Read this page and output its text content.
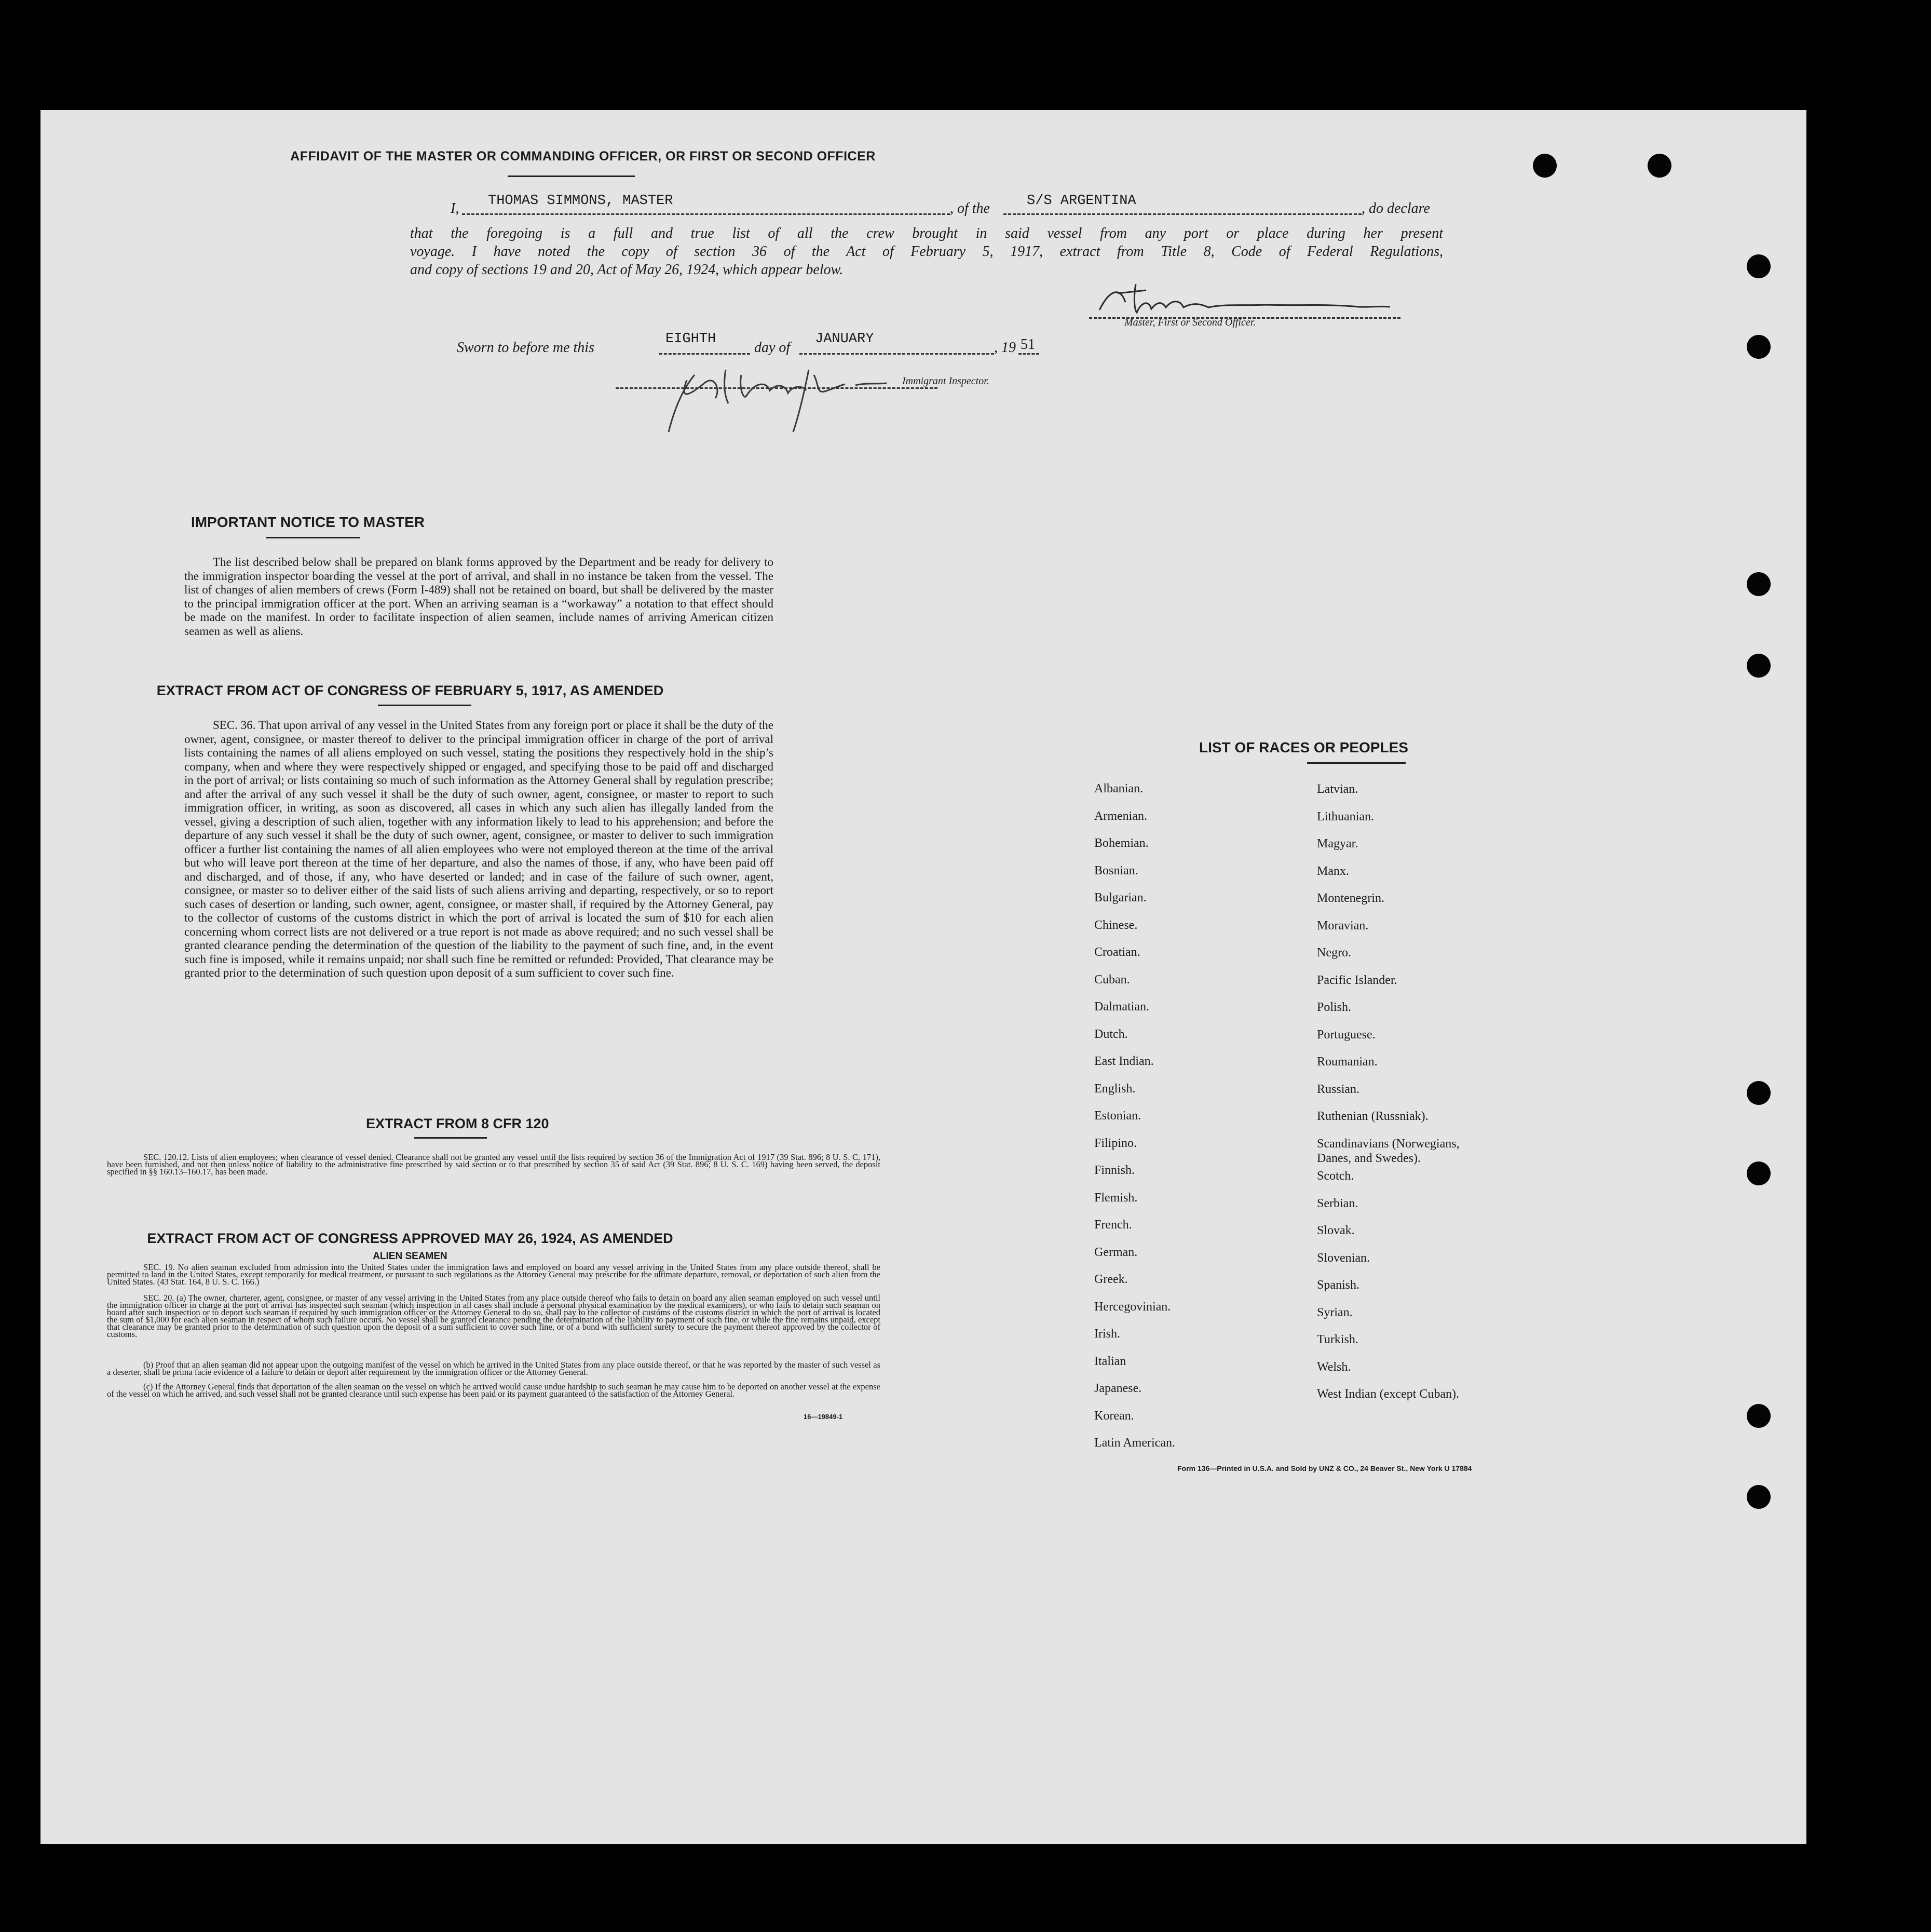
AFFIDAVIT OF THE MASTER OR COMMANDING OFFICER, OR FIRST OR SECOND OFFICER
I, THOMAS SIMMONS, MASTER	, of the	S/S ARGENTINA	, do declare
that the foregoing is a full and true list of all the crew brought in said vessel from any port or place during her present
voyage. I have noted the copy of section 36 of the Act of February 5, 1917, extract from Title 8, Code of Federal Regulations,
and copy of sections 19 and 20, Act of May 26, 1924, which appear below.
Master, First or Second Officer.
Sworn to before me this
EIGHTH
day of
JANUARY
, 19 51
Immigrant Inspector.
IMPORTANT NOTICE TO MASTER
The list described below shall be prepared on blank forms approved by the Department and be ready for delivery to the immigration inspector boarding the vessel at the port of arrival, and shall in no instance be taken from the vessel. The list of changes of alien members of crews (Form I-489) shall not be retained on board, but shall be delivered by the master to the principal immigration officer at the port. When an arriving seaman is a “workaway” a notation to that effect should be made on the manifest. In order to facilitate inspection of alien seamen, include names of arriving American citizen seamen as well as aliens.
EXTRACT FROM ACT OF CONGRESS OF FEBRUARY 5, 1917, AS AMENDED
SEC. 36. That upon arrival of any vessel in the United States from any foreign port or place it shall be the duty of the owner, agent, consignee, or master thereof to deliver to the principal immigration officer in charge of the port of arrival lists containing the names of all aliens employed on such vessel, stating the positions they respectively hold in the ship’s company, when and where they were respectively shipped or engaged, and specifying those to be paid off and discharged in the port of arrival; or lists containing so much of such information as the Attorney General shall by regulation prescribe; and after the arrival of any such vessel it shall be the duty of such owner, agent, consignee, or master to report to such immigration officer, in writing, as soon as discovered, all cases in which any such alien has illegally landed from the vessel, giving a description of such alien, together with any information likely to lead to his apprehension; and before the departure of any such vessel it shall be the duty of such owner, agent, consignee, or master to deliver to such immigration officer a further list containing the names of all alien employees who were not employed thereon at the time of the arrival but who will leave port thereon at the time of her departure, and also the names of those, if any, who have been paid off and discharged, and of those, if any, who have deserted or landed; and in case of the failure of such owner, agent, consignee, or master so to deliver either of the said lists of such aliens arriving and departing, respectively, or so to report such cases of desertion or landing, such owner, agent, consignee, or master shall, if required by the Attorney General, pay to the collector of customs of the customs district in which the port of arrival is located the sum of $10 for each alien concerning whom correct lists are not delivered or a true report is not made as above required; and no such vessel shall be granted clearance pending the determination of the question of the liability to the payment of such fine, and, in the event such fine is imposed, while it remains unpaid; nor shall such fine be remitted or refunded: Provided, That clearance may be granted prior to the determination of such question upon deposit of a sum sufficient to cover such fine.
EXTRACT FROM 8 CFR 120
SEC. 120.12. Lists of alien employees; when clearance of vessel denied. Clearance shall not be granted any vessel until the lists required by section 36 of the Immigration Act of 1917 (39 Stat. 896; 8 U. S. C. 171), have been furnished, and not then unless notice of liability to the administrative fine prescribed by said section or to that prescribed by section 35 of said Act (39 Stat. 896; 8 U. S. C. 169) having been served, the deposit specified in §§ 160.13–160.17, has been made.
EXTRACT FROM ACT OF CONGRESS APPROVED MAY 26, 1924, AS AMENDED
ALIEN SEAMEN
SEC. 19. No alien seaman excluded from admission into the United States under the immigration laws and employed on board any vessel arriving in the United States from any place outside thereof, shall be permitted to land in the United States, except temporarily for medical treatment, or pursuant to such regulations as the Attorney General may prescribe for the ultimate departure, removal, or deportation of such alien from the United States. (43 Stat. 164, 8 U. S. C. 166.)
SEC. 20. (a) The owner, charterer, agent, consignee, or master of any vessel arriving in the United States from any place outside thereof who fails to detain on board any alien seaman employed on such vessel until the immigration officer in charge at the port of arrival has inspected such seaman (which inspection in all cases shall include a personal physical examination by the medical examiners), or who fails to detain such seaman on board after such inspection or to deport such seaman if required by such immigration officer or the Attorney General to do so, shall pay to the collector of customs of the customs district in which the port of arrival is located the sum of $1,000 for each alien seaman in respect of whom such failure occurs. No vessel shall be granted clearance pending the determination of the liability to payment of such fine, or while the fine remains unpaid, except that clearance may be granted prior to the determination of such question upon the deposit of a sum sufficient to cover such fine, or of a bond with sufficient surety to secure the payment thereof approved by the collector of customs.
(b) Proof that an alien seaman did not appear upon the outgoing manifest of the vessel on which he arrived in the United States from any place outside thereof, or that he was reported by the master of such vessel as a deserter, shall be prima facie evidence of a failure to detain or deport after requirement by the immigration officer or the Attorney General.
(c) If the Attorney General finds that deportation of the alien seaman on the vessel on which he arrived would cause undue hardship to such seaman he may cause him to be deported on another vessel at the expense of the vessel on which he arrived, and such vessel shall not be granted clearance until such expense has been paid or its payment guaranteed to the satisfaction of the Attorney General.
16—19849-1
LIST OF RACES OR PEOPLES
Form 136—Printed in U.S.A. and Sold by UNZ & CO., 24 Beaver St., New York U 17884
Albanian.
Armenian.
Bohemian.
Bosnian.
Bulgarian.
Chinese.
Croatian.
Cuban.
Dalmatian.
Dutch.
East Indian.
English.
Estonian.
Filipino.
Finnish.
Flemish.
French.
German.
Greek.
Hercegovinian.
Irish.
Italian
Japanese.
Korean.
Latin American.
Latvian.
Lithuanian.
Magyar.
Manx.
Montenegrin.
Moravian.
Negro.
Pacific Islander.
Polish.
Portuguese.
Roumanian.
Russian.
Ruthenian (Russniak).
Scandinavians (Norwegians,
Danes, and Swedes).
Scotch.
Serbian.
Slovak.
Slovenian.
Spanish.
Syrian.
Turkish.
Welsh.
West Indian (except Cuban).
